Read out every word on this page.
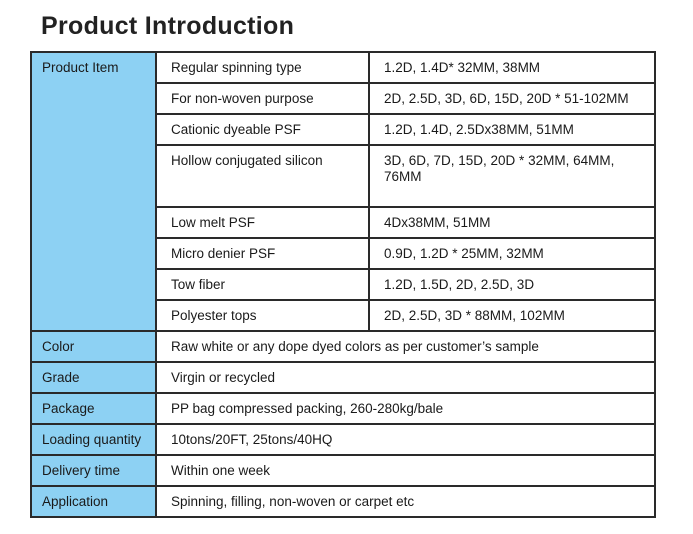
Product Introduction
Product Item	Regular spinning type	1.2D, 1.4D* 32MM, 38MM

	For non-woven purpose	2D, 2.5D, 3D, 6D, 15D, 20D * 51-102MM

	Cationic dyeable PSF	1.2D, 1.4D, 2.5Dx38MM, 51MM

	Hollow conjugated silicon	3D, 6D, 7D, 15D, 20D * 32MM, 64MM, 76MM

	Low melt PSF	4Dx38MM, 51MM

	Micro denier PSF	0.9D, 1.2D * 25MM, 32MM

	Tow fiber	1.2D, 1.5D, 2D, 2.5D, 3D

	Polyester tops	2D, 2.5D, 3D * 88MM, 102MM

Color	Raw white or any dope dyed colors as per customer’s sample	

Grade	Virgin or recycled	

Package	PP bag compressed packing, 260-280kg/bale	

Loading quantity	10tons/20FT, 25tons/40HQ	

Delivery time	Within one week	

Application	Spinning, filling, non-woven or carpet etc	
